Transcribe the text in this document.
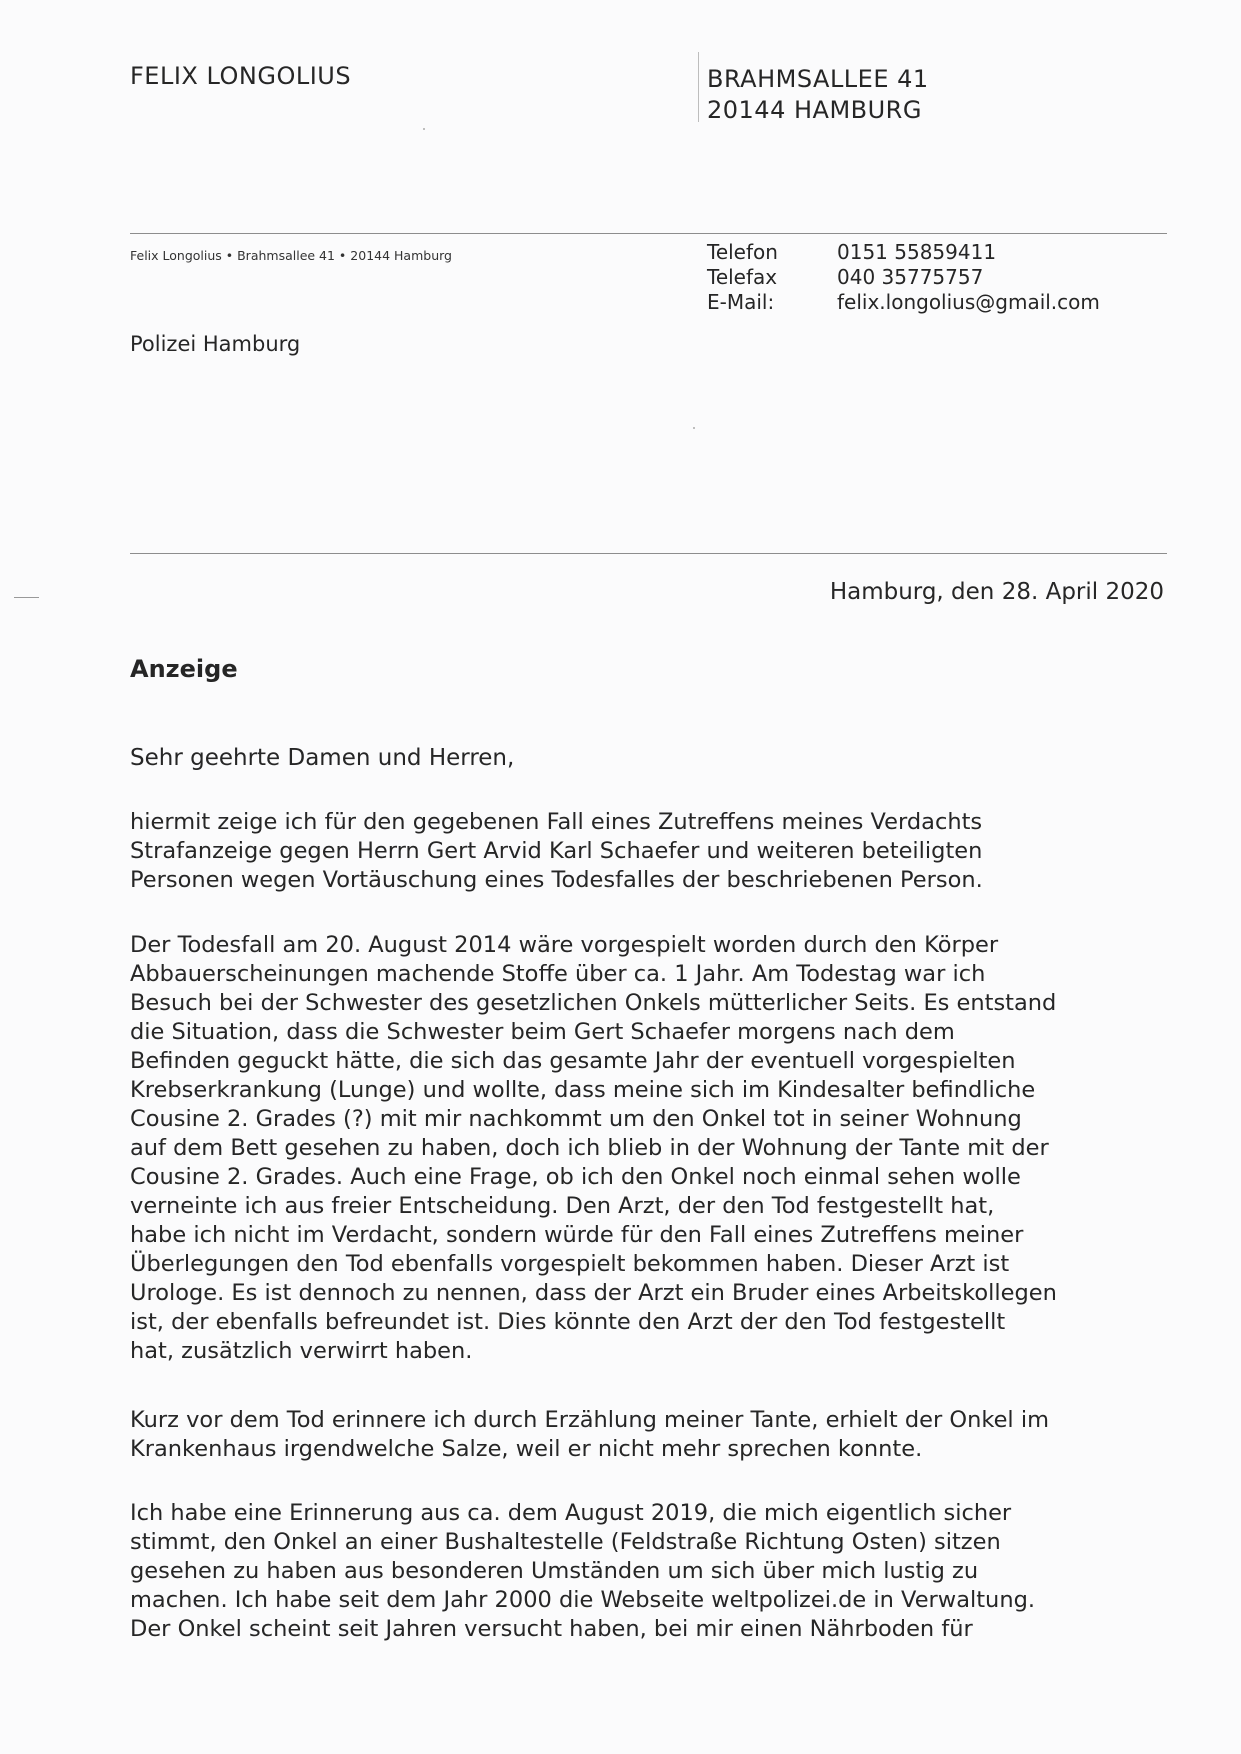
FELIX LONGOLIUS	BRAHMSALLEE 41
20144 HAMBURG
Felix Longolius • Brahmsallee 41 • 20144 Hamburg	Telefon	0151 55859411
Telefax	040 35775757
E-Mail:	felix.longolius@gmail.com
Polizei Hamburg
Hamburg, den 28. April 2020
Anzeige
Sehr geehrte Damen und Herren,
hiermit zeige ich für den gegebenen Fall eines Zutreffens meines Verdachts
Strafanzeige gegen Herrn Gert Arvid Karl Schaefer und weiteren beteiligten
Personen wegen Vortäuschung eines Todesfalles der beschriebenen Person.
Der Todesfall am 20. August 2014 wäre vorgespielt worden durch den Körper
Abbauerscheinungen machende Stoffe über ca. 1 Jahr. Am Todestag war ich
Besuch bei der Schwester des gesetzlichen Onkels mütterlicher Seits. Es entstand
die Situation, dass die Schwester beim Gert Schaefer morgens nach dem
Befinden geguckt hätte, die sich das gesamte Jahr der eventuell vorgespielten
Krebserkrankung (Lunge) und wollte, dass meine sich im Kindesalter befindliche
Cousine 2. Grades (?) mit mir nachkommt um den Onkel tot in seiner Wohnung
auf dem Bett gesehen zu haben, doch ich blieb in der Wohnung der Tante mit der
Cousine 2. Grades. Auch eine Frage, ob ich den Onkel noch einmal sehen wolle
verneinte ich aus freier Entscheidung. Den Arzt, der den Tod festgestellt hat,
habe ich nicht im Verdacht, sondern würde für den Fall eines Zutreffens meiner
Überlegungen den Tod ebenfalls vorgespielt bekommen haben. Dieser Arzt ist
Urologe. Es ist dennoch zu nennen, dass der Arzt ein Bruder eines Arbeitskollegen
ist, der ebenfalls befreundet ist. Dies könnte den Arzt der den Tod festgestellt
hat, zusätzlich verwirrt haben.
Kurz vor dem Tod erinnere ich durch Erzählung meiner Tante, erhielt der Onkel im
Krankenhaus irgendwelche Salze, weil er nicht mehr sprechen konnte.
Ich habe eine Erinnerung aus ca. dem August 2019, die mich eigentlich sicher
stimmt, den Onkel an einer Bushaltestelle (Feldstraße Richtung Osten) sitzen
gesehen zu haben aus besonderen Umständen um sich über mich lustig zu
machen. Ich habe seit dem Jahr 2000 die Webseite weltpolizei.de in Verwaltung.
Der Onkel scheint seit Jahren versucht haben, bei mir einen Nährboden für
